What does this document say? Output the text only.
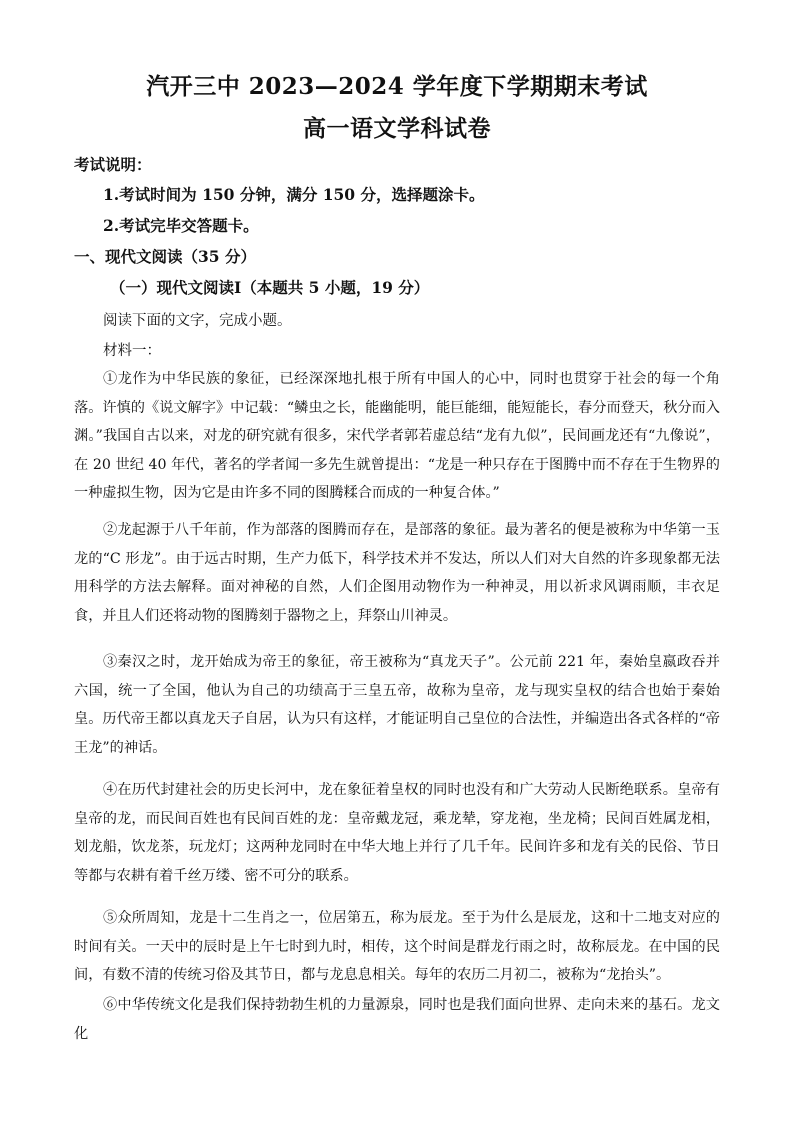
汽开三中 2023—2024 学年度下学期期末考试
高一语文学科试卷
考试说明：
1.考试时间为 150 分钟，满分 150 分，选择题涂卡。
2.考试完毕交答题卡。
一、现代文阅读（35 分）
（一）现代文阅读Ⅰ（本题共 5 小题，19 分）
阅读下面的文字，完成小题。
材料一：
①龙作为中华民族的象征，已经深深地扎根于所有中国人的心中，同时也贯穿于社会的每一个角落。许慎的《说文解字》中记载：“鳞虫之长，能幽能明，能巨能细，能短能长，春分而登天，秋分而入渊。”我国自古以来，对龙的研究就有很多，宋代学者郭若虚总结“龙有九似”，民间画龙还有“九像说”，在 20 世纪 40 年代，著名的学者闻一多先生就曾提出：“龙是一种只存在于图腾中而不存在于生物界的一种虚拟生物，因为它是由许多不同的图腾糅合而成的一种复合体。”
②龙起源于八千年前，作为部落的图腾而存在，是部落的象征。最为著名的便是被称为中华第一玉龙的“C 形龙”。由于远古时期，生产力低下，科学技术并不发达，所以人们对大自然的许多现象都无法用科学的方法去解释。面对神秘的自然，人们企图用动物作为一种神灵，用以祈求风调雨顺，丰衣足食，并且人们还将动物的图腾刻于器物之上，拜祭山川神灵。
③秦汉之时，龙开始成为帝王的象征，帝王被称为“真龙天子”。公元前 221 年，秦始皇嬴政吞并六国，统一了全国，他认为自己的功绩高于三皇五帝，故称为皇帝，龙与现实皇权的结合也始于秦始皇。历代帝王都以真龙天子自居，认为只有这样，才能证明自己皇位的合法性，并编造出各式各样的“帝王龙”的神话。
④在历代封建社会的历史长河中，龙在象征着皇权的同时也没有和广大劳动人民断绝联系。皇帝有皇帝的龙，而民间百姓也有民间百姓的龙：皇帝戴龙冠，乘龙辇，穿龙袍，坐龙椅；民间百姓属龙相，划龙船，饮龙茶，玩龙灯；这两种龙同时在中华大地上并行了几千年。民间许多和龙有关的民俗、节日等都与农耕有着千丝万缕、密不可分的联系。
⑤众所周知，龙是十二生肖之一，位居第五，称为辰龙。至于为什么是辰龙，这和十二地支对应的时间有关。一天中的辰时是上午七时到九时，相传，这个时间是群龙行雨之时，故称辰龙。在中国的民间，有数不清的传统习俗及其节日，都与龙息息相关。每年的农历二月初二，被称为“龙抬头”。
⑥中华传统文化是我们保持勃勃生机的力量源泉，同时也是我们面向世界、走向未来的基石。龙文化
